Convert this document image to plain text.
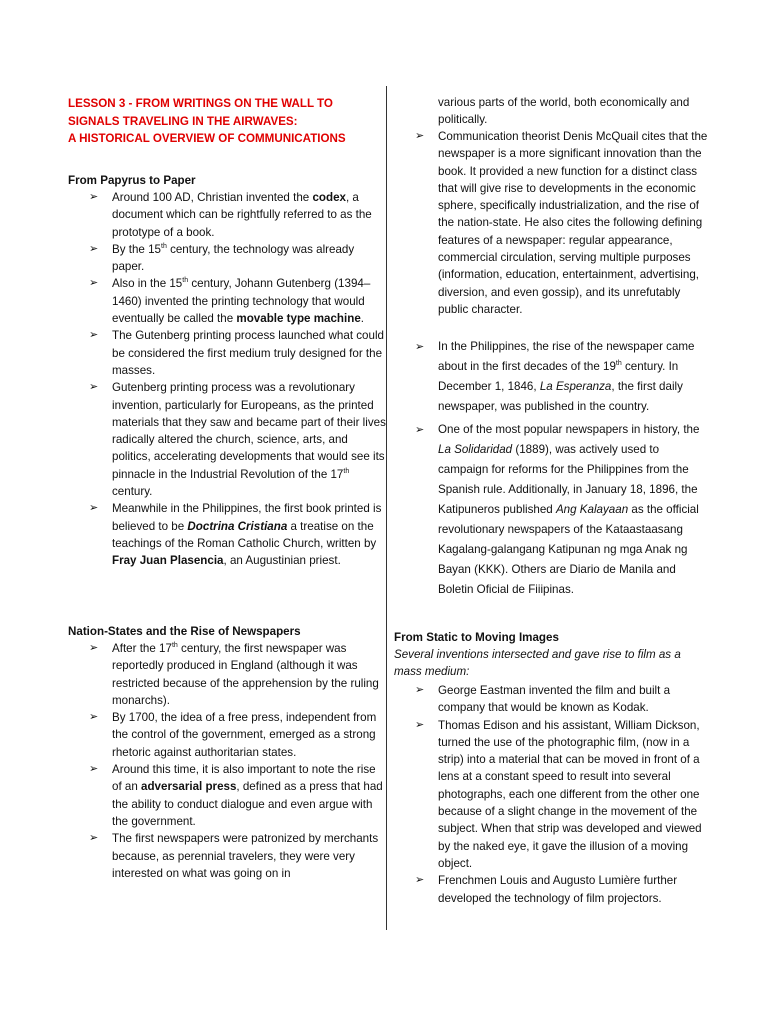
LESSON 3 - FROM WRITINGS ON THE WALL TO
SIGNALS TRAVELING IN THE AIRWAVES:
A HISTORICAL OVERVIEW OF COMMUNICATIONS
From Papyrus to Paper
➢ Around 100 AD, Christian invented the codex, a document which can be rightfully referred to as the prototype of a book.
➢ By the 15th century, the technology was already paper.
➢ Also in the 15th century, Johann Gutenberg (1394–1460) invented the printing technology that would eventually be called the movable type machine.
➢ The Gutenberg printing process launched what could be considered the first medium truly designed for the masses.
➢ Gutenberg printing process was a revolutionary invention, particularly for Europeans, as the printed materials that they saw and became part of their lives radically altered the church, science, arts, and politics, accelerating developments that would see its pinnacle in the Industrial Revolution of the 17th century.
➢ Meanwhile in the Philippines, the first book printed is believed to be Doctrina Cristiana a treatise on the teachings of the Roman Catholic Church, written by Fray Juan Plasencia, an Augustinian priest.
Nation-States and the Rise of Newspapers
➢ After the 17th century, the first newspaper was reportedly produced in England (although it was restricted because of the apprehension by the ruling monarchs).
➢ By 1700, the idea of a free press, independent from the control of the government, emerged as a strong rhetoric against authoritarian states.
➢ Around this time, it is also important to note the rise of an adversarial press, defined as a press that had the ability to conduct dialogue and even argue with the government.
➢ The first newspapers were patronized by merchants because, as perennial travelers, they were very interested on what was going on in
various parts of the world, both economically and politically.
➢ Communication theorist Denis McQuail cites that the newspaper is a more significant innovation than the book. It provided a new function for a distinct class that will give rise to developments in the economic sphere, specifically industrialization, and the rise of the nation-state. He also cites the following defining features of a newspaper: regular appearance, commercial circulation, serving multiple purposes (information, education, entertainment, advertising, diversion, and even gossip), and its unrefutably public character.
➢ In the Philippines, the rise of the newspaper came about in the first decades of the 19th century. In December 1, 1846, La Esperanza, the first daily newspaper, was published in the country.
➢ One of the most popular newspapers in history, the La Solidaridad (1889), was actively used to campaign for reforms for the Philippines from the Spanish rule. Additionally, in January 18, 1896, the Katipuneros published Ang Kalayaan as the official revolutionary newspapers of the Kataastaasang Kagalang-galangang Katipunan ng mga Anak ng Bayan (KKK). Others are Diario de Manila and Boletin Oficial de Fiiipinas.
From Static to Moving Images
Several inventions intersected and gave rise to film as a mass medium:
➢ George Eastman invented the film and built a company that would be known as Kodak.
➢ Thomas Edison and his assistant, William Dickson, turned the use of the photographic film, (now in a strip) into a material that can be moved in front of a lens at a constant speed to result into several photographs, each one different from the other one because of a slight change in the movement of the subject. When that strip was developed and viewed by the naked eye, it gave the illusion of a moving object.
➢ Frenchmen Louis and Augusto Lumière further developed the technology of film projectors.
